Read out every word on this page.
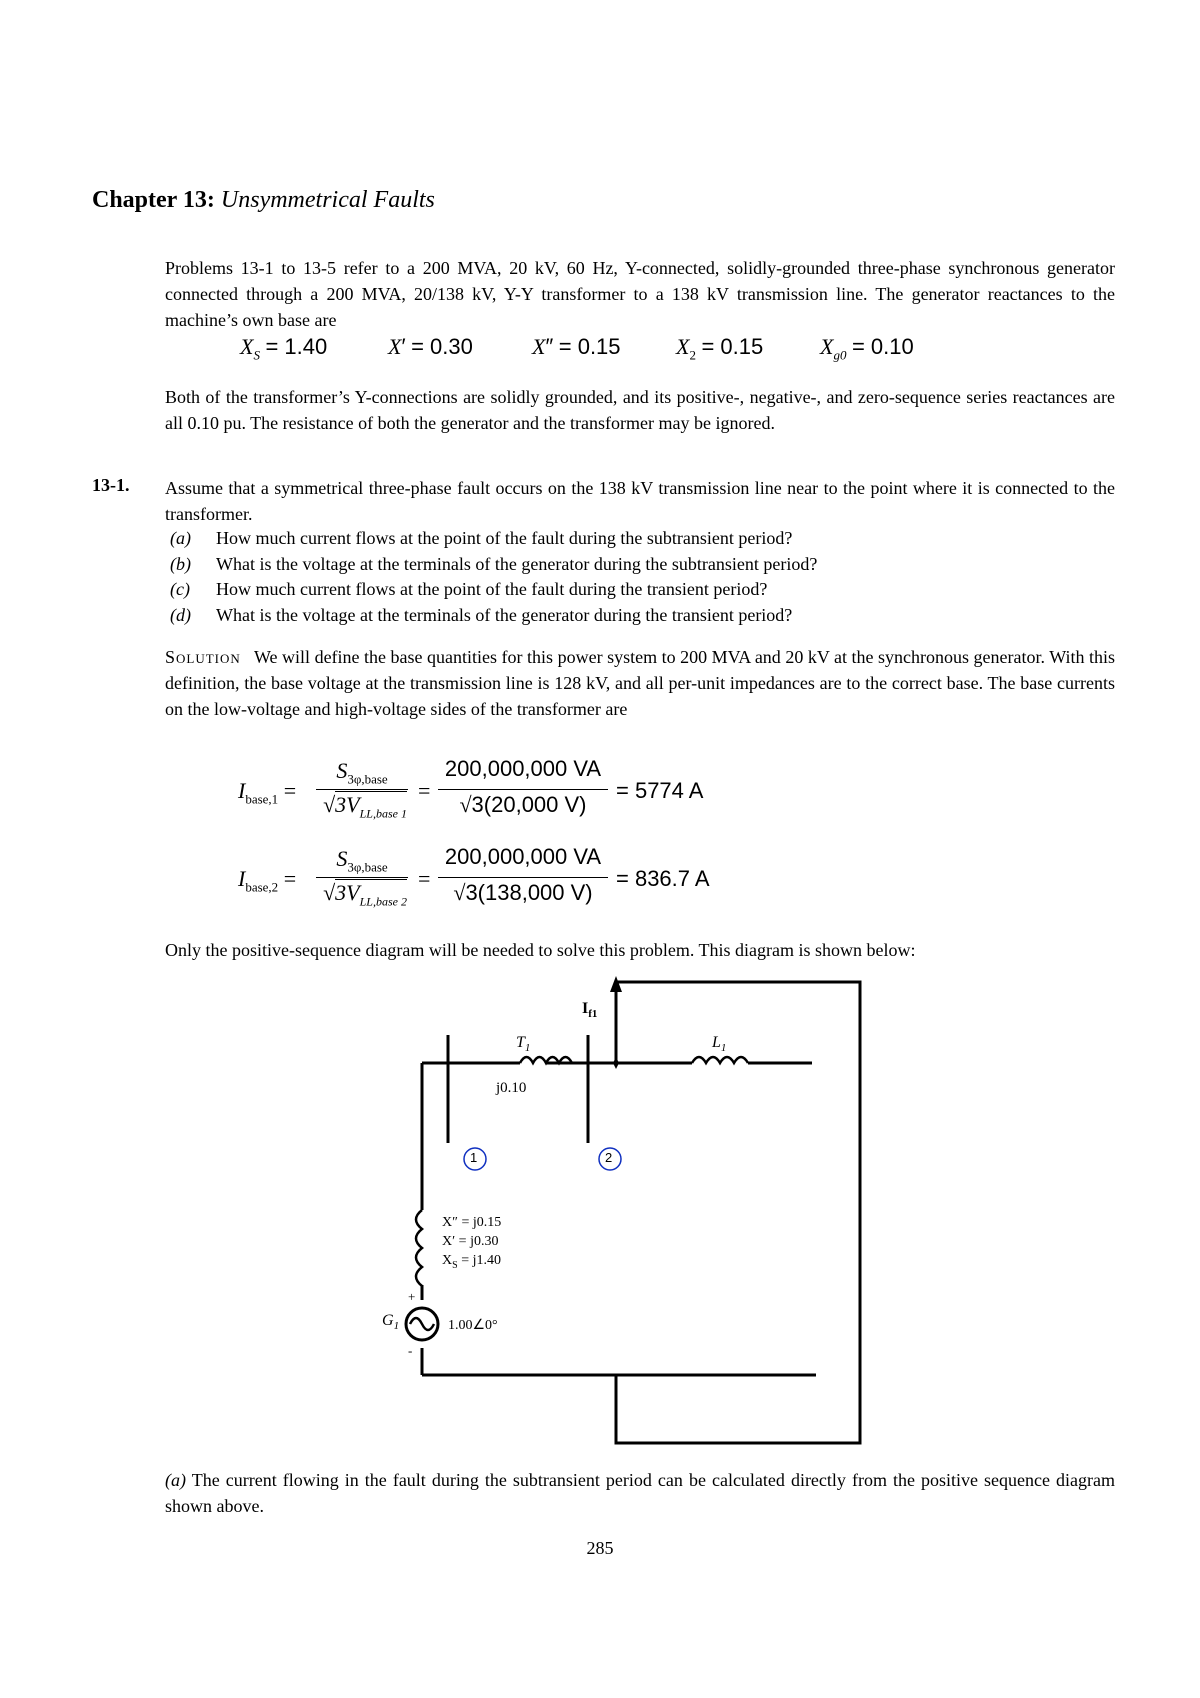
Chapter 13: Unsymmetrical Faults
Problems 13-1 to 13-5 refer to a 200 MVA, 20 kV, 60 Hz, Y-connected, solidly-grounded three-phase synchronous generator connected through a 200 MVA, 20/138 kV, Y-Y transformer to a 138 kV transmission line. The generator reactances to the machine’s own base are
$X_S = 1.40$	X′ = 0.30	X″ = 0.15	$X_2 = 0.15$	$X_{g0} = 0.10$
Both of the transformer’s Y-connections are solidly grounded, and its positive-, negative-, and zero-sequence series reactances are all 0.10 pu. The resistance of both the generator and the transformer may be ignored.
13-1. Assume that a symmetrical three-phase fault occurs on the 138 kV transmission line near to the point where it is connected to the transformer.
(a) How much current flows at the point of the fault during the subtransient period?
(b) What is the voltage at the terminals of the generator during the subtransient period?
(c) How much current flows at the point of the fault during the transient period?
(d) What is the voltage at the terminals of the generator during the transient period?
Solution We will define the base quantities for this power system to 200 MVA and 20 kV at the synchronous generator. With this definition, the base voltage at the transmission line is 128 kV, and all per-unit impedances are to the correct base. The base currents on the low-voltage and high-voltage sides of the transformer are
$I_{base,1}$ =
$S_{3\varphi,base}$
$√3V_{LL,base 1}$
=
200,000,000 VA
√3(20,000 V)
= 5774 A
$I_{base,2}$ =
$S_{3\varphi,base}$
$√3V_{LL,base 2}$
=
200,000,000 VA
√3(138,000 V)
= 836.7 A
Only the positive-sequence diagram will be needed to solve this problem. This diagram is shown below:
$I_{f1}$
$T_1$
j0.10
$L_1$
1	2
X″ = j0.15
X′ = j0.30
$X_S = j1.40$
+
-
$G_1$	1.00∠0°
(a) The current flowing in the fault during the subtransient period can be calculated directly from the positive sequence diagram shown above.
285
